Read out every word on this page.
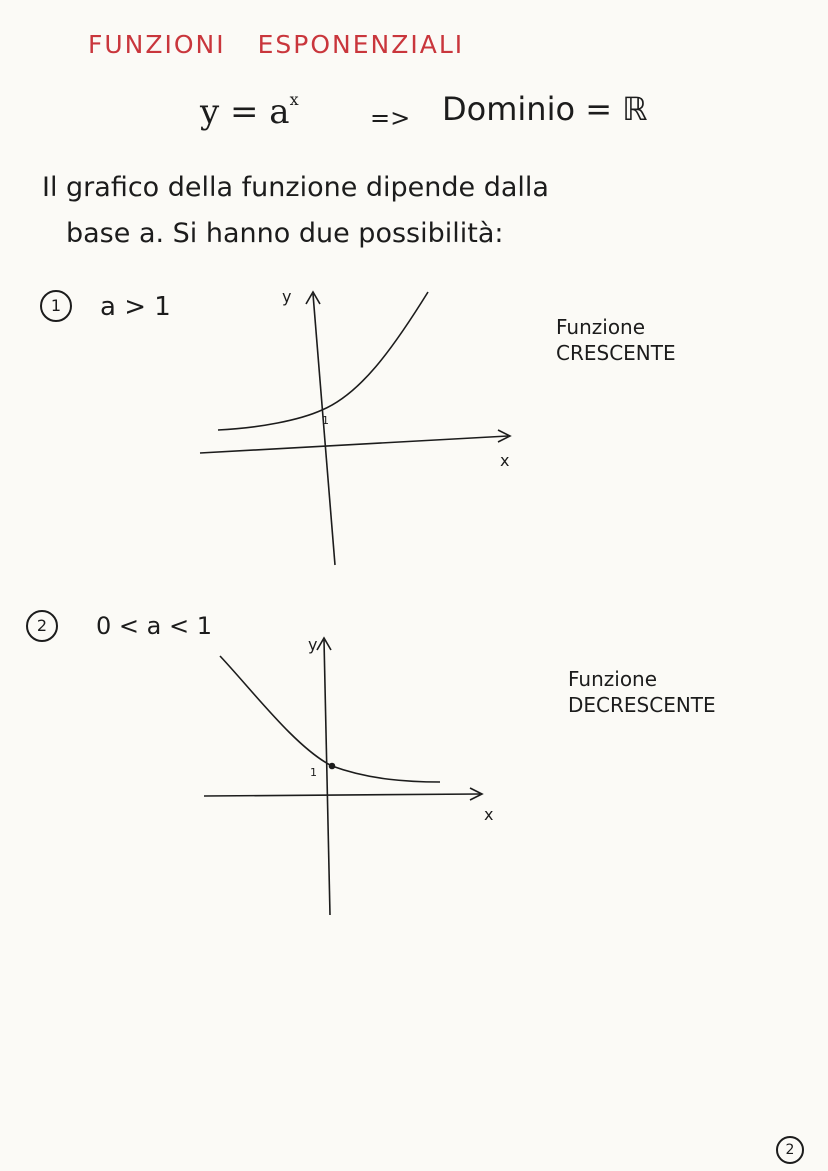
FUNZIONI ESPONENZIALI
$y = a^x$
=> Dominio = ℝ
Il grafico della funzione dipende dalla
base a. Si hanno due possibilità:
1	a > 1
Funzione
CRESCENTE
2	0 < a < 1
Funzione
DECRESCENTE
y
x
1
y
x
1
2
